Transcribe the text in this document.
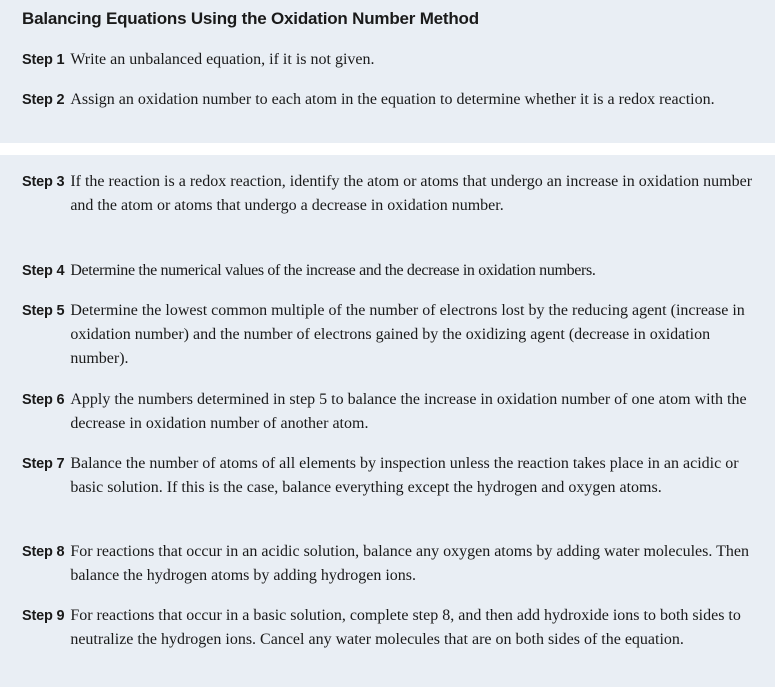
Balancing Equations Using the Oxidation Number Method
Step 1 Write an unbalanced equation, if it is not given.
Step 2 Assign an oxidation number to each atom in the equation to determine whether it is a redox reaction.
Step 3 If the reaction is a redox reaction, identify the atom or atoms that undergo an increase in oxidation number and the atom or atoms that undergo a decrease in oxidation number.
Step 4 Determine the numerical values of the increase and the decrease in oxidation numbers.
Step 5 Determine the lowest common multiple of the number of electrons lost by the reducing agent (increase in oxidation number) and the number of electrons gained by the oxidizing agent (decrease in oxidation number).
Step 6 Apply the numbers determined in step 5 to balance the increase in oxidation number of one atom with the decrease in oxidation number of another atom.
Step 7 Balance the number of atoms of all elements by inspection unless the reaction takes place in an acidic or basic solution. If this is the case, balance everything except the hydrogen and oxygen atoms.
Step 8 For reactions that occur in an acidic solution, balance any oxygen atoms by adding water molecules. Then balance the hydrogen atoms by adding hydrogen ions.
Step 9 For reactions that occur in a basic solution, complete step 8, and then add hydroxide ions to both sides to neutralize the hydrogen ions. Cancel any water molecules that are on both sides of the equation.
